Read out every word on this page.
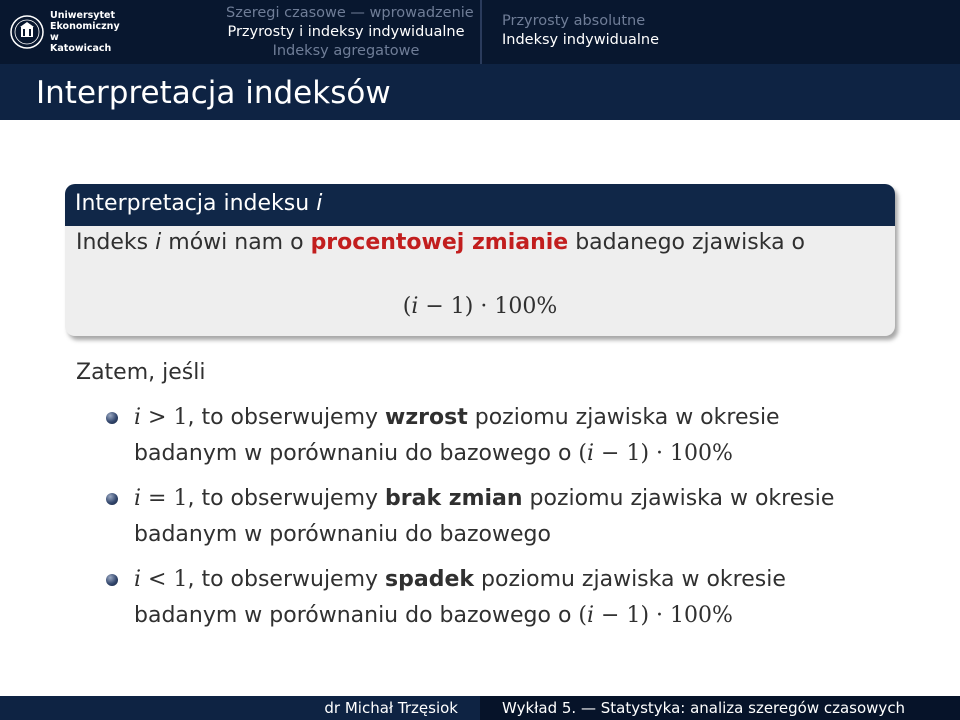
Uniwersytet
Ekonomiczny
w Katowicach
Szeregi czasowe — wprowadzenie
Przyrosty i indeksy indywidualne
Indeksy agregatowe
Przyrosty absolutne
Indeksy indywidualne
Interpretacja indeksów
Interpretacja indeksu i
Indeks i mówi nam o procentowej zmianie badanego zjawiska o
(i − 1) · 100%
Zatem, jeśli
i > 1, to obserwujemy wzrost poziomu zjawiska w okresie badanym w porównaniu do bazowego o (i − 1) · 100%
i = 1, to obserwujemy brak zmian poziomu zjawiska w okresie badanym w porównaniu do bazowego
i < 1, to obserwujemy spadek poziomu zjawiska w okresie badanym w porównaniu do bazowego o (i − 1) · 100%
dr Michał Trzęsiok	Wykład 5. — Statystyka: analiza szeregów czasowych
